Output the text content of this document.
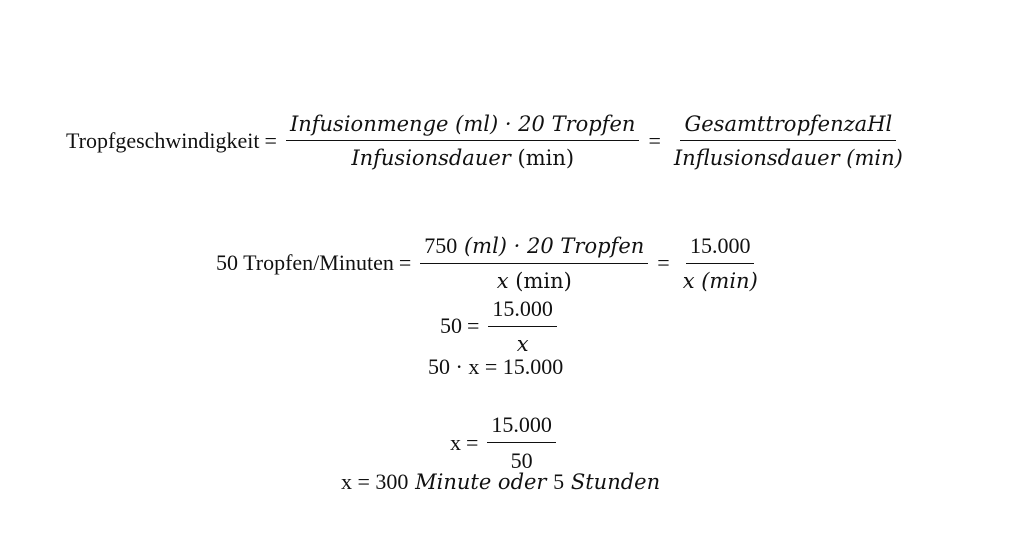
Tropfgeschwindigkeit = $\frac{\text{Infusionmenge (ml) · 20 Tropfen}}{\text{Infusionsdauer (min)}} = \frac{\text{GesamttropfenzaHl}}{\text{Influsionsdauer (min)}}$
50 Tropfen/Minuten = $\frac{\text{750 (ml) · 20 Tropfen}}{x (\min)} = \frac{15.000}{x (\min)}$
$50 = \frac{15.000}{x}$
50 · x = 15.000
$x = \frac{15.000}{50}$
x = 300 Minute oder 5 Stunden
